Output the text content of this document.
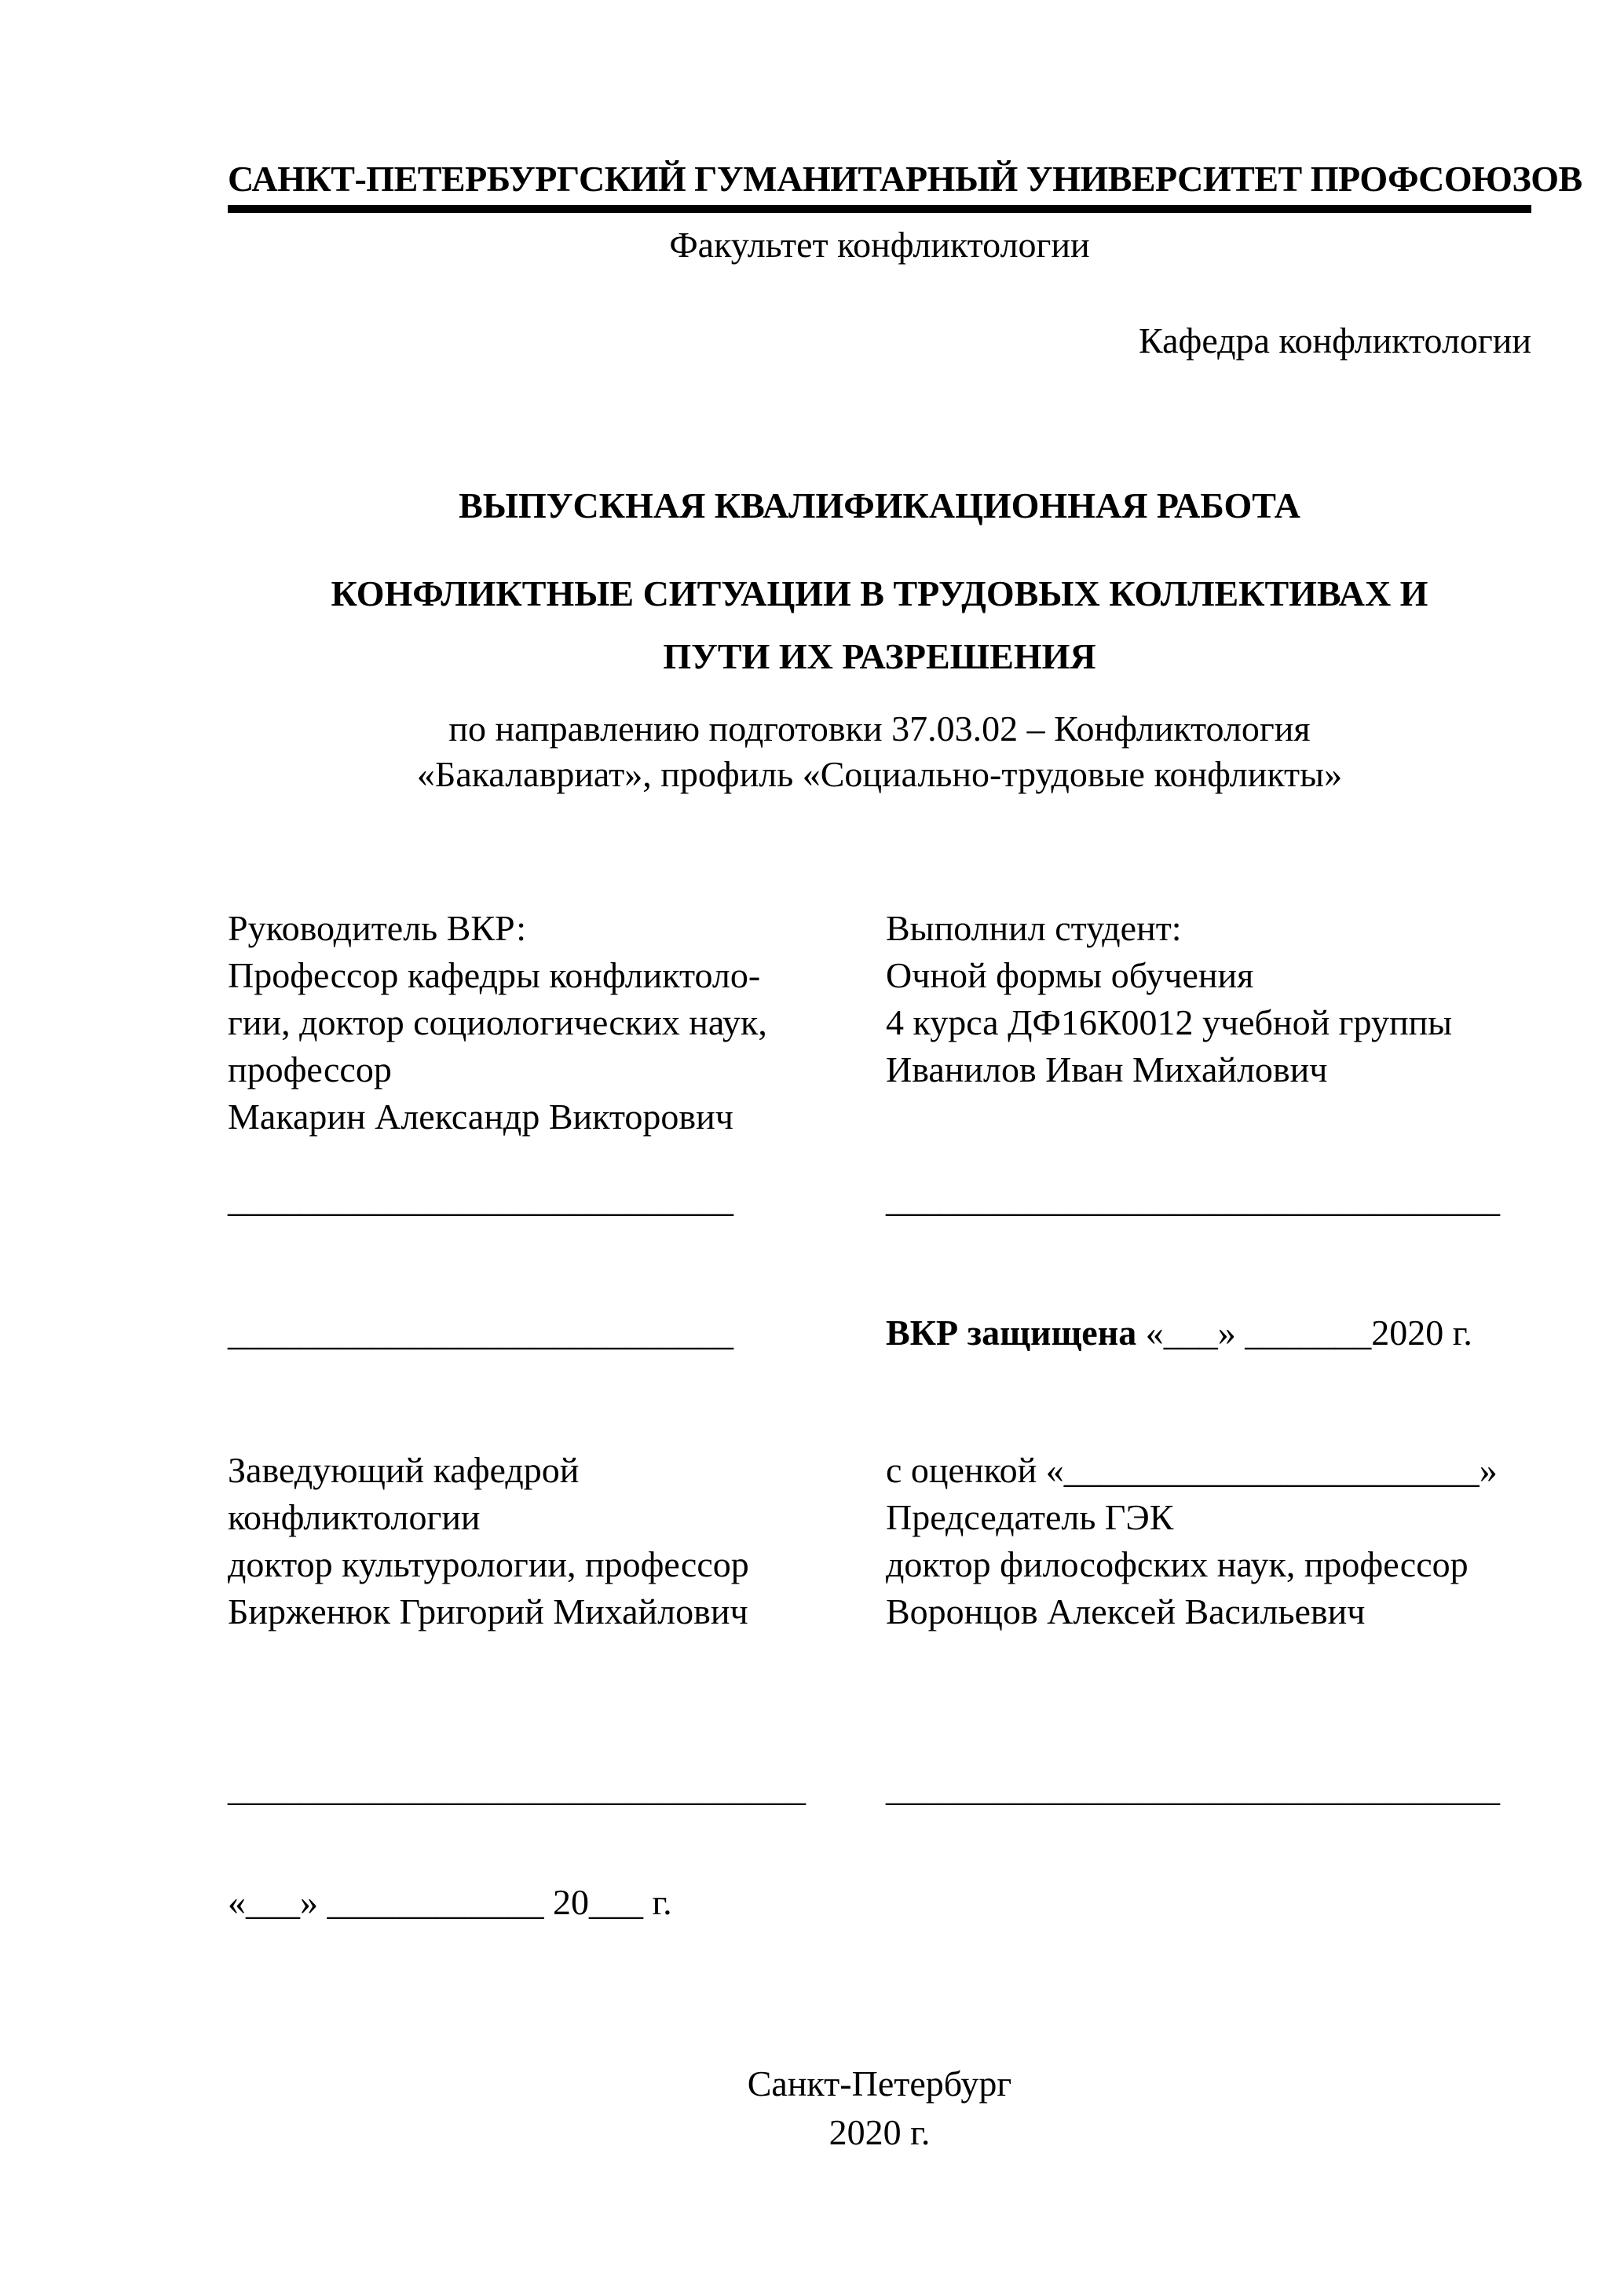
САНКТ-ПЕТЕРБУРГСКИЙ ГУМАНИТАРНЫЙ УНИВЕРСИТЕТ ПРОФСОЮЗОВ
Факультет конфликтологии
Кафедра конфликтологии
ВЫПУСКНАЯ КВАЛИФИКАЦИОННАЯ РАБОТА
КОНФЛИКТНЫЕ СИТУАЦИИ В ТРУДОВЫХ КОЛЛЕКТИВАХ И
ПУТИ ИХ РАЗРЕШЕНИЯ
по направлению подготовки 37.03.02 – Конфликтология
«Бакалавриат», профиль «Социально-трудовые конфликты»
Руководитель ВКР:
Профессор кафедры конфликтоло-
гии, доктор социологических наук,
профессор
Макарин Александр Викторович
____________________________
____________________________
Заведующий кафедрой
конфликтологии
доктор культурологии, профессор
Бирженюк Григорий Михайлович
________________________________
«___» ____________ 20___ г.
Выполнил студент:
Очной формы обучения
4 курса ДФ16К0012 учебной группы
Иванилов Иван Михайлович
__________________________________
ВКР защищена «___» _______2020 г.
с оценкой «_______________________»
Председатель ГЭК
доктор философских наук, профессор
Воронцов Алексей Васильевич
__________________________________
Санкт-Петербург
2020 г.
